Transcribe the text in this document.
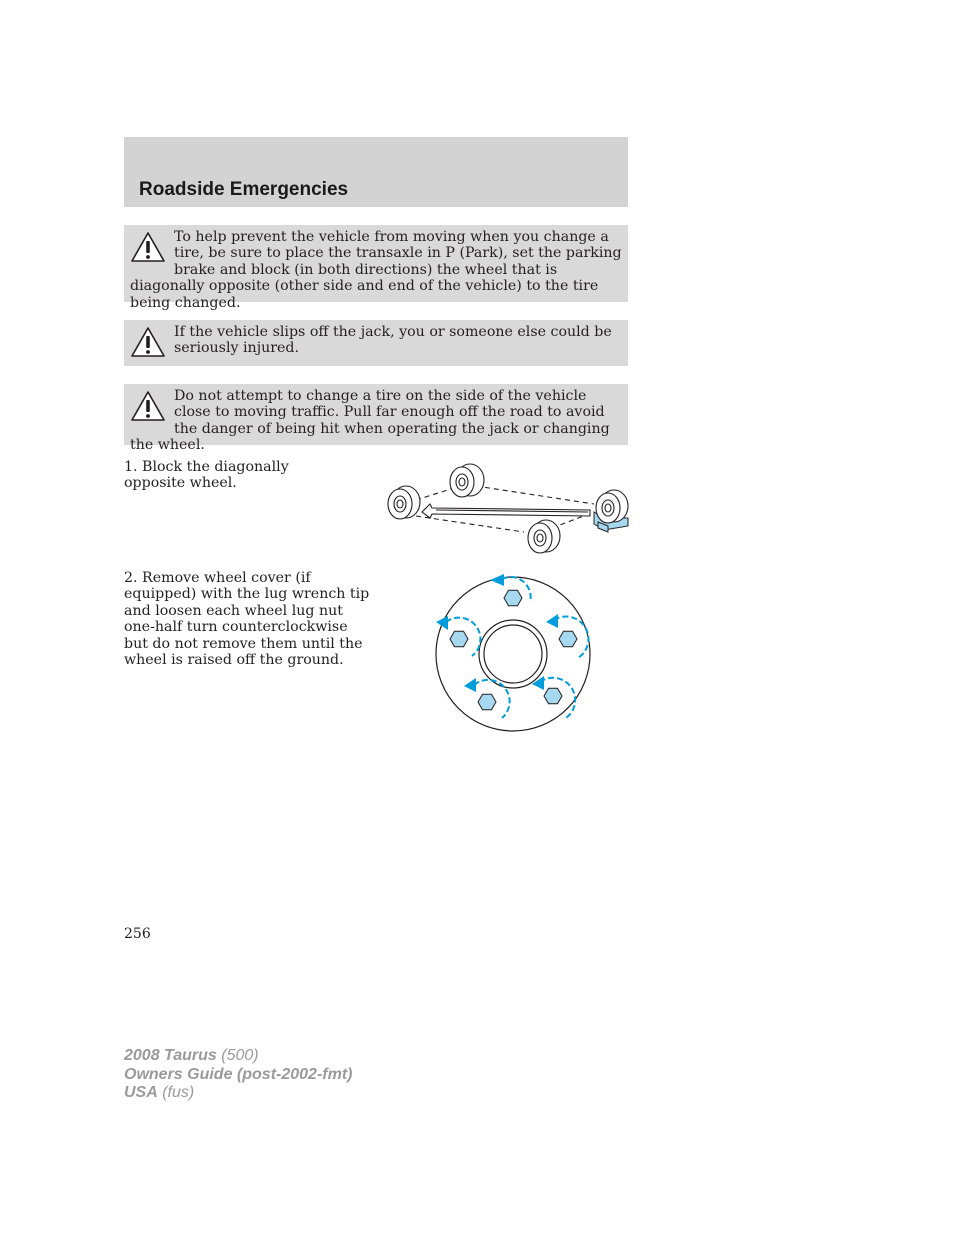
Roadside Emergencies

To help prevent the vehicle from moving when you change a tire, be sure to place the transaxle in P (Park), set the parking brake and block (in both directions) the wheel that is diagonally opposite (other side and end of the vehicle) to the tire being changed.

If the vehicle slips off the jack, you or someone else could be seriously injured.

Do not attempt to change a tire on the side of the vehicle close to moving traffic. Pull far enough off the road to avoid the danger of being hit when operating the jack or changing the wheel.

1. Block the diagonally opposite wheel.

2. Remove wheel cover (if equipped) with the lug wrench tip and loosen each wheel lug nut one-half turn counterclockwise but do not remove them until the wheel is raised off the ground.

256
2008 Taurus (500)
Owners Guide (post-2002-fmt)
USA (fus)
